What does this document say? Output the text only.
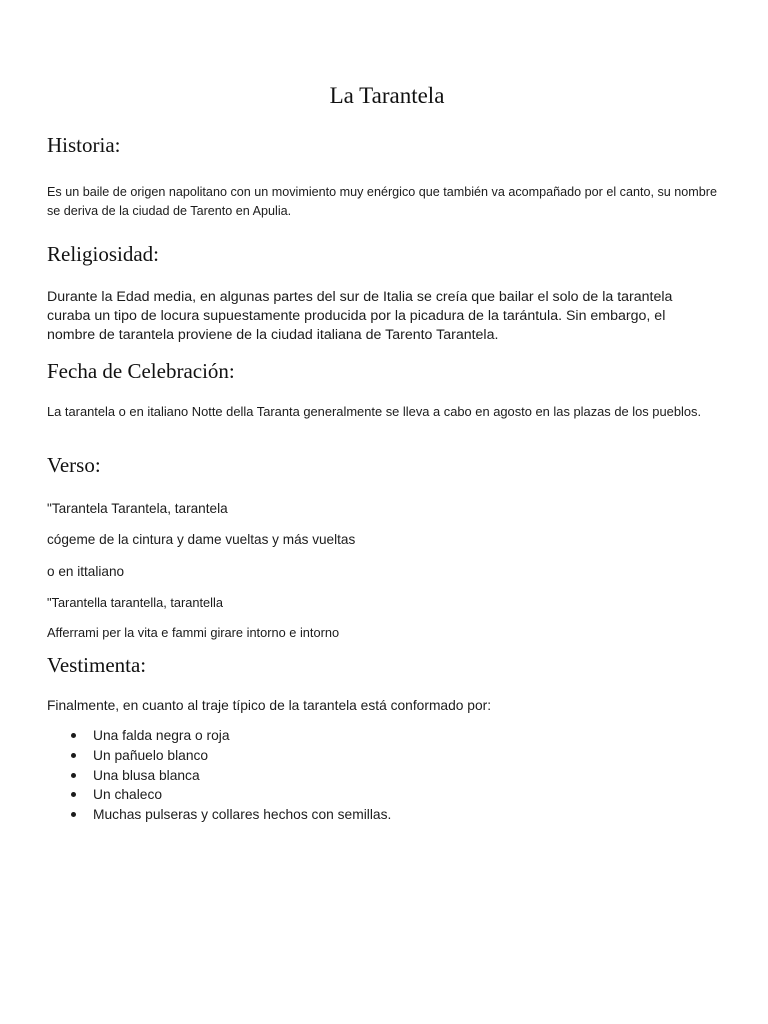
La Tarantela
Historia:

Es un baile de origen napolitano con un movimiento muy enérgico que también va acompañado por el canto, su nombre se deriva de la ciudad de Tarento en Apulia.

Religiosidad:

Durante la Edad media, en algunas partes del sur de Italia se creía que bailar el solo de la tarantela curaba un tipo de locura supuestamente producida por la picadura de la tarántula. Sin embargo, el nombre de tarantela proviene de la ciudad italiana de Tarento Tarantela.

Fecha de Celebración:

La tarantela o en italiano Notte della Taranta generalmente se lleva a cabo en agosto en las plazas de los pueblos.

Verso:

"Tarantela Tarantela, tarantela

cógeme de la cintura y dame vueltas y más vueltas

o en ittaliano

"Tarantella tarantella, tarantella

Afferrami per la vita e fammi girare intorno e intorno

Vestimenta:

Finalmente, en cuanto al traje típico de la tarantela está conformado por:

Una falda negra o roja
Un pañuelo blanco
Una blusa blanca
Un chaleco
Muchas pulseras y collares hechos con semillas.
